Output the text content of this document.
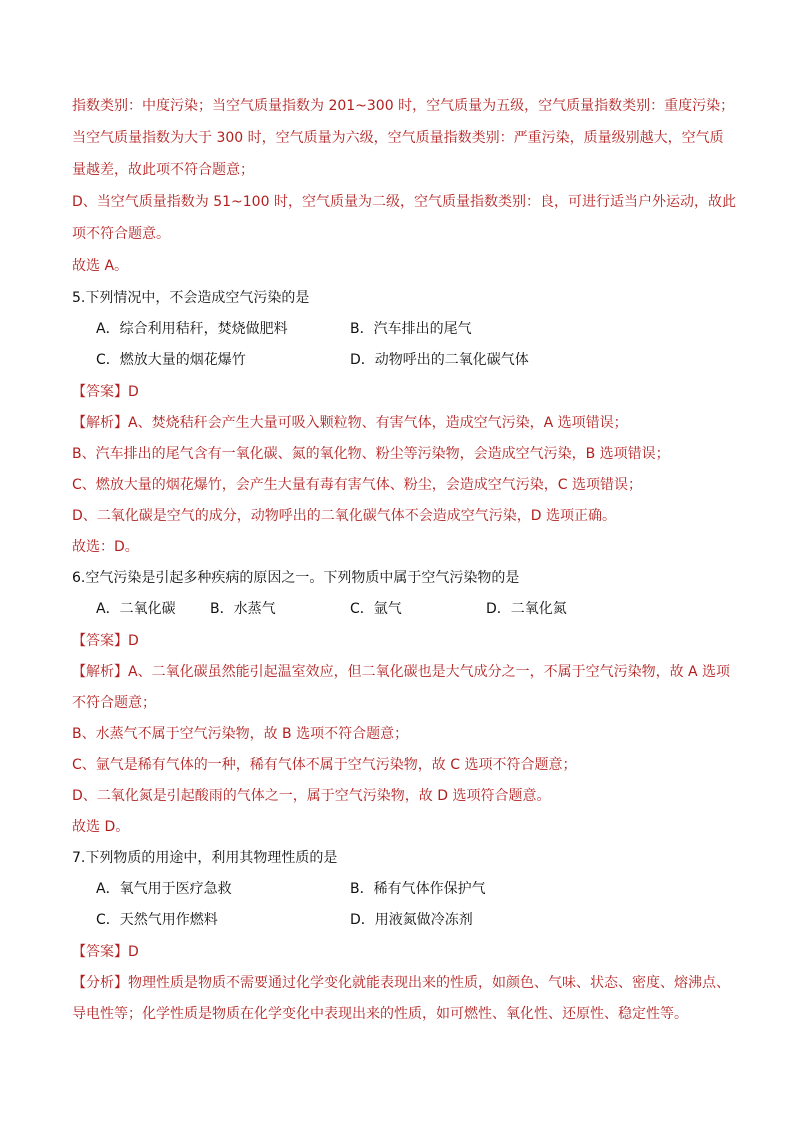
指数类别：中度污染；当空气质量指数为 201~300 时，空气质量为五级，空气质量指数类别：重度污染；
当空气质量指数为大于 300 时，空气质量为六级，空气质量指数类别：严重污染，质量级别越大，空气质
量越差，故此项不符合题意；
D、当空气质量指数为 51~100 时，空气质量为二级，空气质量指数类别：良，可进行适当户外运动，故此
项不符合题意。
故选 A。
5.下列情况中，不会造成空气污染的是
A．综合利用秸秆，焚烧做肥料	B．汽车排出的尾气
C．燃放大量的烟花爆竹	D．动物呼出的二氧化碳气体
【答案】D
【解析】A、焚烧秸秆会产生大量可吸入颗粒物、有害气体，造成空气污染，A 选项错误；
B、汽车排出的尾气含有一氧化碳、氮的氧化物、粉尘等污染物，会造成空气污染，B 选项错误；
C、燃放大量的烟花爆竹，会产生大量有毒有害气体、粉尘，会造成空气污染，C 选项错误；
D、二氧化碳是空气的成分，动物呼出的二氧化碳气体不会造成空气污染，D 选项正确。
故选：D。
6.空气污染是引起多种疾病的原因之一。下列物质中属于空气污染物的是
A．二氧化碳 B．水蒸气	C．氩气	D．二氧化氮
【答案】D
【解析】A、二氧化碳虽然能引起温室效应，但二氧化碳也是大气成分之一，不属于空气污染物，故 A 选项
不符合题意；
B、水蒸气不属于空气污染物，故 B 选项不符合题意；
C、氩气是稀有气体的一种，稀有气体不属于空气污染物，故 C 选项不符合题意；
D、二氧化氮是引起酸雨的气体之一，属于空气污染物，故 D 选项符合题意。
故选 D。
7.下列物质的用途中，利用其物理性质的是
A．氧气用于医疗急救	B．稀有气体作保护气
C．天然气用作燃料	D．用液氮做冷冻剂
【答案】D
【分析】物理性质是物质不需要通过化学变化就能表现出来的性质，如颜色、气味、状态、密度、熔沸点、
导电性等；化学性质是物质在化学变化中表现出来的性质，如可燃性、氧化性、还原性、稳定性等。
